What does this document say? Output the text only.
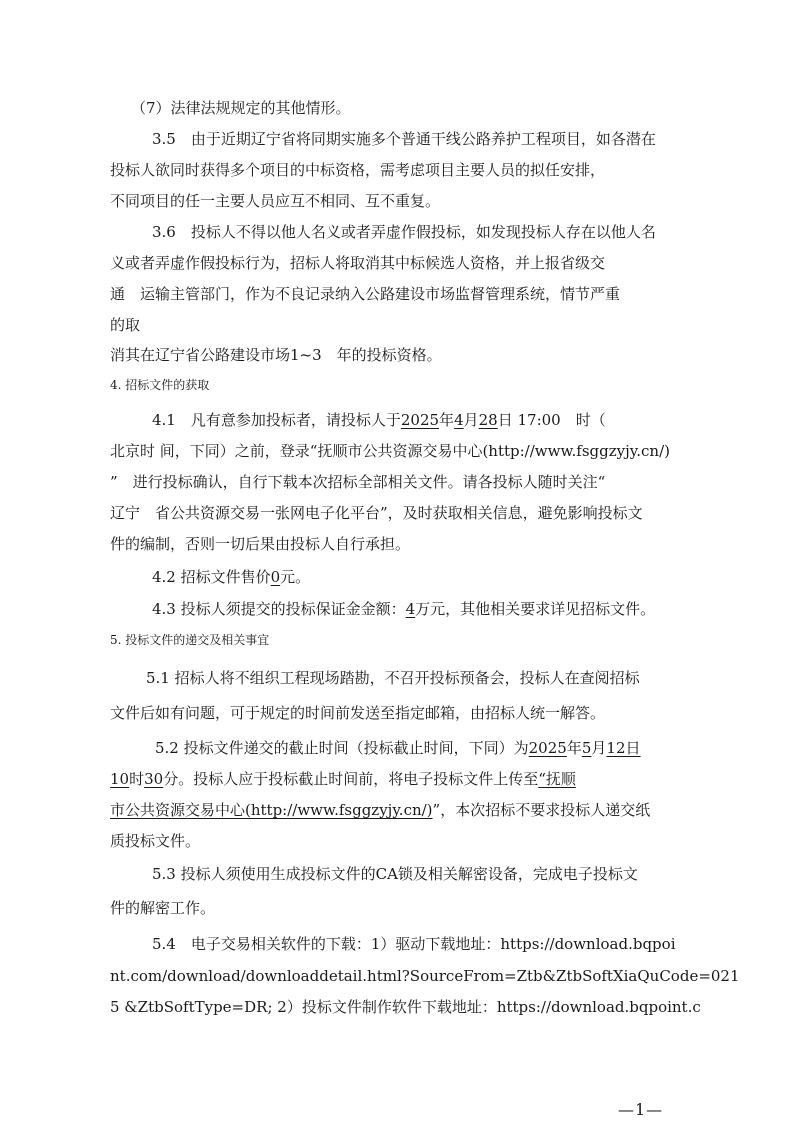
（7）法律法规规定的其他情形。
3.5　由于近期辽宁省将同期实施多个普通干线公路养护工程项目，如各潜在
投标人欲同时获得多个项目的中标资格，需考虑项目主要人员的拟任安排，
不同项目的任一主要人员应互不相同、互不重复。
3.6　投标人不得以他人名义或者弄虚作假投标，如发现投标人存在以他人名
义或者弄虚作假投标行为，招标人将取消其中标候选人资格，并上报省级交
通　运输主管部门，作为不良记录纳入公路建设市场监督管理系统，情节严重
的取
消其在辽宁省公路建设市场1~3　年的投标资格。
4. 招标文件的获取
4.1　凡有意参加投标者，请投标人于2025年4月28日 17:00　时（
北京时 间，下同）之前，登录“抚顺市公共资源交易中心(http://www.fsggzyjy.cn/)
”　进行投标确认，自行下载本次招标全部相关文件。请各投标人随时关注“
辽宁　省公共资源交易一张网电子化平台”，及时获取相关信息，避免影响投标文
件的编制，否则一切后果由投标人自行承担。
4.2 招标文件售价0元。
4.3 投标人须提交的投标保证金金额：4万元，其他相关要求详见招标文件。
5. 投标文件的递交及相关事宜
5.1 招标人将不组织工程现场踏勘，不召开投标预备会，投标人在查阅招标
文件后如有问题，可于规定的时间前发送至指定邮箱，由招标人统一解答。
5.2 投标文件递交的截止时间（投标截止时间，下同）为2025年5月12日
10时30分。投标人应于投标截止时间前，将电子投标文件上传至“抚顺
市公共资源交易中心(http://www.fsggzyjy.cn/)”，本次招标不要求投标人递交纸
质投标文件。
5.3 投标人须使用生成投标文件的CA锁及相关解密设备，完成电子投标文
件的解密工作。
5.4　电子交易相关软件的下载：1）驱动下载地址：https://download.bqpoi
nt.com/download/downloaddetail.html?SourceFrom=Ztb&ZtbSoftXiaQuCode=021
5 &ZtbSoftType=DR; 2）投标文件制作软件下载地址：https://download.bqpoint.c
—1—
